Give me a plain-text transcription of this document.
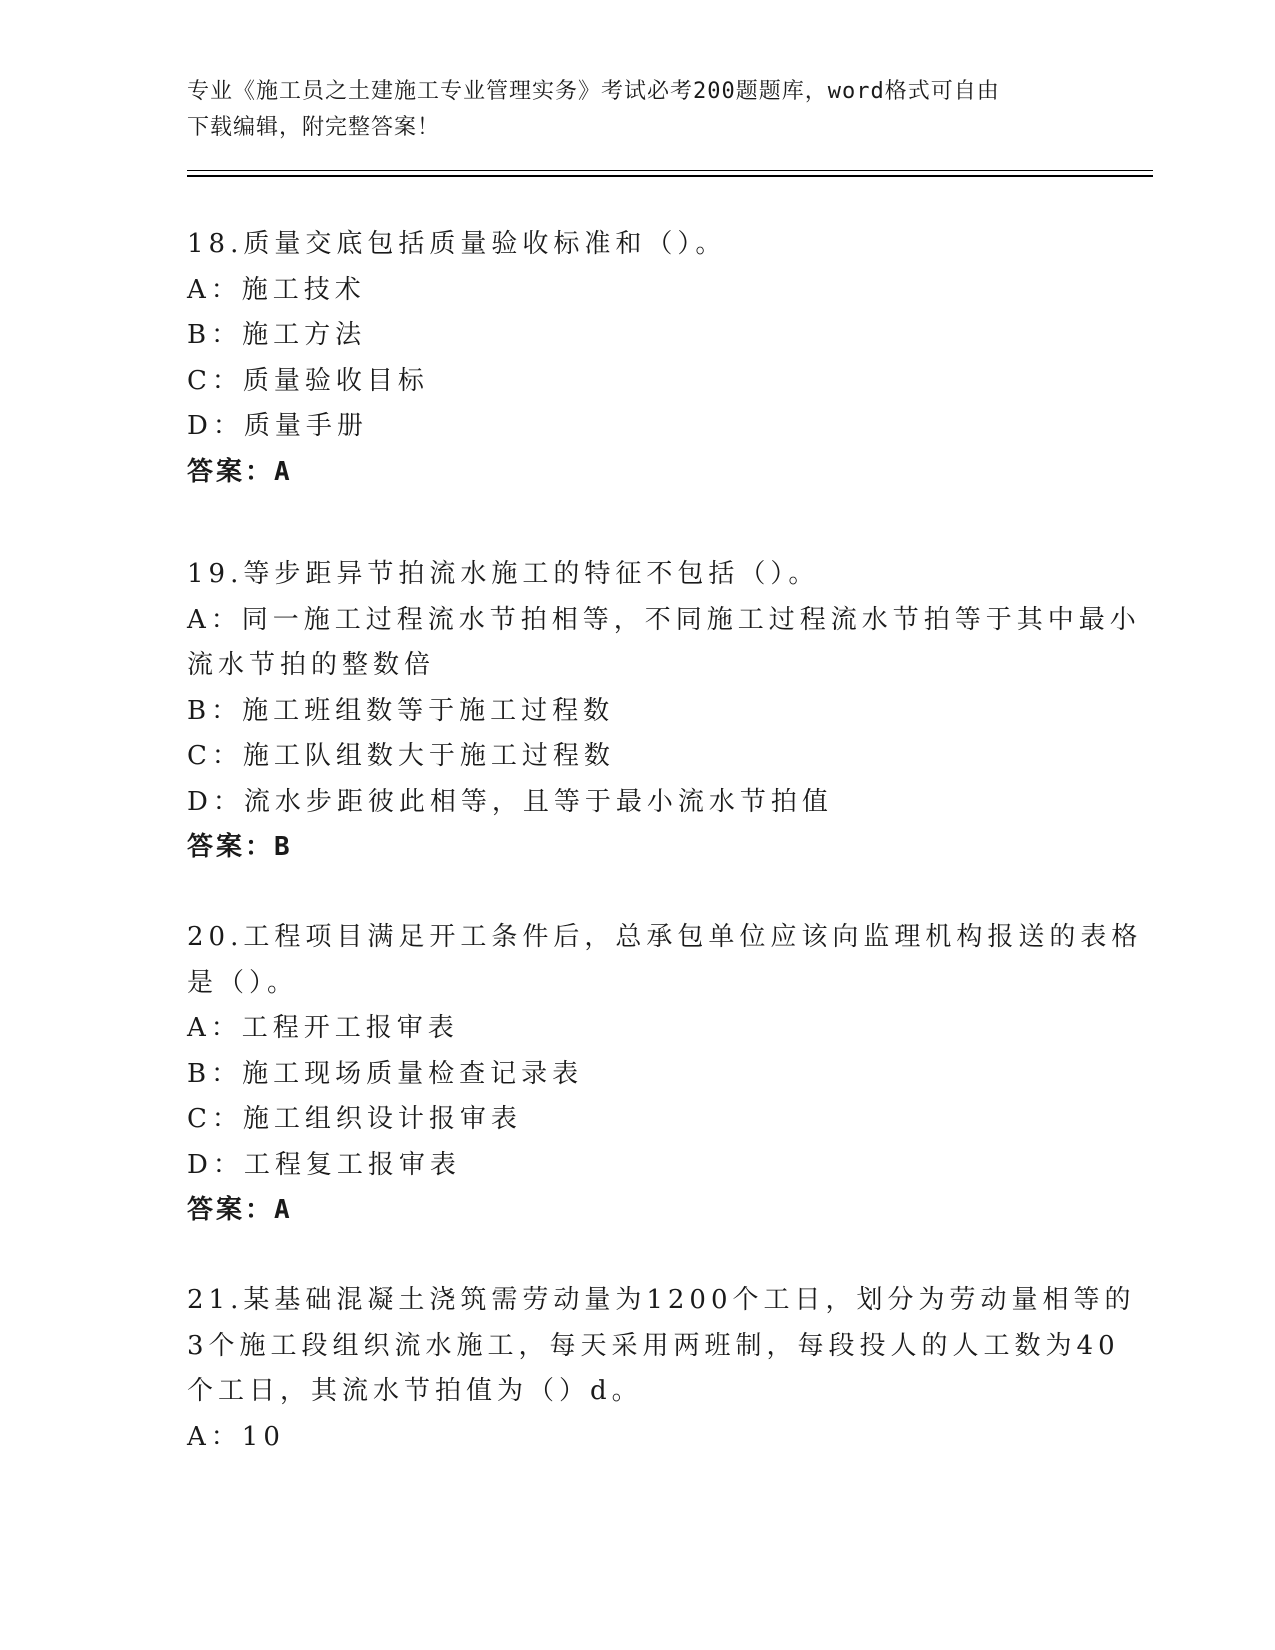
专业《施工员之土建施工专业管理实务》考试必考200题题库，word格式可自由
下载编辑，附完整答案！
18.质量交底包括质量验收标准和（）。
A：施工技术
B：施工方法
C：质量验收目标
D：质量手册
答案：A
19.等步距异节拍流水施工的特征不包括（）。
A：同一施工过程流水节拍相等，不同施工过程流水节拍等于其中最小
流水节拍的整数倍
B：施工班组数等于施工过程数
C：施工队组数大于施工过程数
D：流水步距彼此相等，且等于最小流水节拍值
答案：B
20.工程项目满足开工条件后，总承包单位应该向监理机构报送的表格
是（）。
A：工程开工报审表
B：施工现场质量检查记录表
C：施工组织设计报审表
D：工程复工报审表
答案：A
21.某基础混凝土浇筑需劳动量为1200个工日，划分为劳动量相等的
3个施工段组织流水施工，每天采用两班制，每段投人的人工数为40
个工日，其流水节拍值为（）d。
A：10
